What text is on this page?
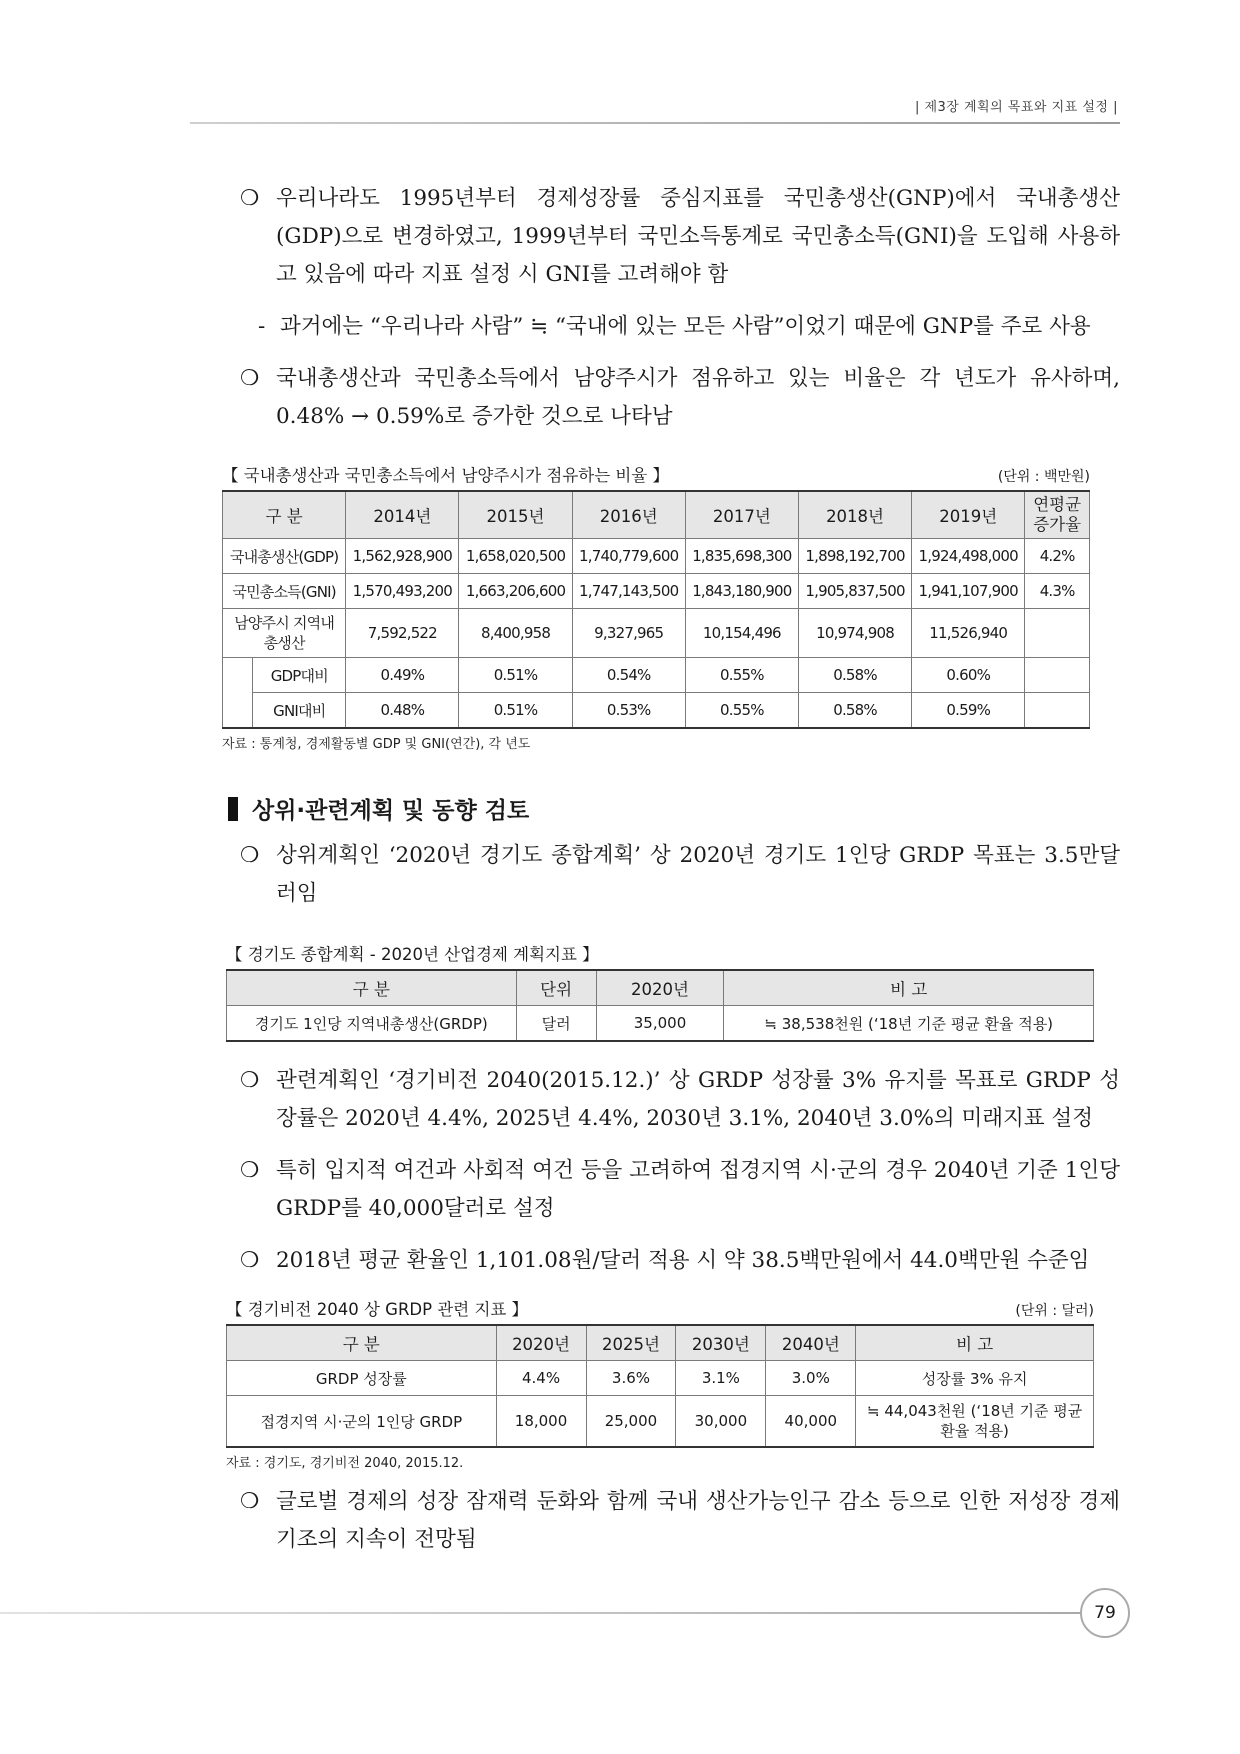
| 제3장 계획의 목표와 지표 설정 |

❍ 우리나라도 1995년부터 경제성장률 중심지표를 국민총생산(GNP)에서 국내총생산(GDP)으로 변경하였고, 1999년부터 국민소득통계로 국민총소득(GNI)을 도입해 사용하고 있음에 따라 지표 설정 시 GNI를 고려해야 함

- 과거에는 “우리나라 사람” ≒ “국내에 있는 모든 사람”이었기 때문에 GNP를 주로 사용

❍ 국내총생산과 국민총소득에서 남양주시가 점유하고 있는 비율은 각 년도가 유사하며, 0.48% → 0.59%로 증가한 것으로 나타남

【 국내총생산과 국민총소득에서 남양주시가 점유하는 비율 】	(단위 : 백만원)
구 분		2014년	2015년	2016년	2017년	2018년	2019년	연평균 증가율
국내총생산(GDP)		1,562,928,900	1,658,020,500	1,740,779,600	1,835,698,300	1,898,192,700	1,924,498,000	4.2%
국민총소득(GNI)		1,570,493,200	1,663,206,600	1,747,143,500	1,843,180,900	1,905,837,500	1,941,107,900	4.3%
남양주시 지역내총생산		7,592,522	8,400,958	9,327,965	10,154,496	10,974,908	11,526,940	
	GDP대비	0.49%	0.51%	0.54%	0.55%	0.58%	0.60%	
	GNI대비	0.48%	0.51%	0.53%	0.55%	0.58%	0.59%	
자료 : 통계청, 경제활동별 GDP 및 GNI(연간), 각 년도
상위·관련계획 및 동향 검토

❍ 상위계획인 ‘2020년 경기도 종합계획’ 상 2020년 경기도 1인당 GRDP 목표는 3.5만달러임

【 경기도 종합계획 - 2020년 산업경제 계획지표 】
구 분	단위	2020년	비 고
경기도 1인당 지역내총생산(GRDP)	달러	35,000	≒ 38,538천원 (‘18년 기준 평균 환율 적용)

❍ 관련계획인 ‘경기비전 2040(2015.12.)’ 상 GRDP 성장률 3% 유지를 목표로 GRDP 성장률은 2020년 4.4%, 2025년 4.4%, 2030년 3.1%, 2040년 3.0%의 미래지표 설정

❍ 특히 입지적 여건과 사회적 여건 등을 고려하여 접경지역 시·군의 경우 2040년 기준 1인당 GRDP를 40,000달러로 설정

❍ 2018년 평균 환율인 1,101.08원/달러 적용 시 약 38.5백만원에서 44.0백만원 수준임

【 경기비전 2040 상 GRDP 관련 지표 】	(단위 : 달러)
구 분	2020년	2025년	2030년	2040년	비 고
GRDP 성장률	4.4%	3.6%	3.1%	3.0%	성장률 3% 유지
접경지역 시·군의 1인당 GRDP	18,000	25,000	30,000	40,000	≒ 44,043천원 (‘18년 기준 평균 환율 적용)
자료 : 경기도, 경기비전 2040, 2015.12.

❍ 글로벌 경제의 성장 잠재력 둔화와 함께 국내 생산가능인구 감소 등으로 인한 저성장 경제기조의 지속이 전망됨

79
